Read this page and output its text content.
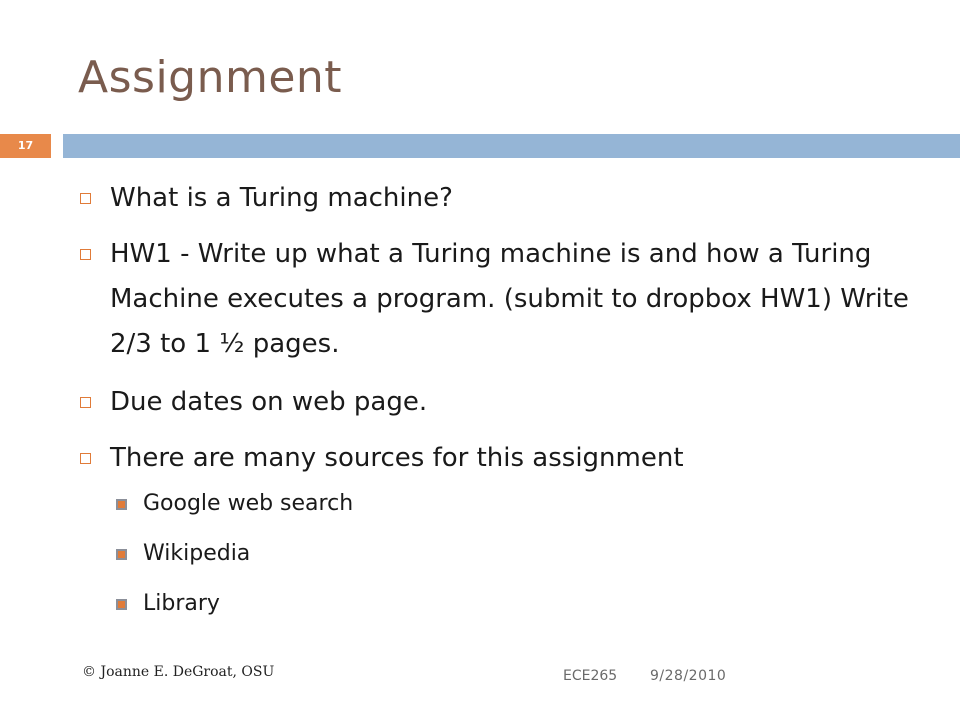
Assignment
17
What is a Turing machine?
HW1 - Write up what a Turing machine is and how a Turing Machine executes a program. (submit to dropbox HW1) Write 2/3 to 1 ½ pages.
Due dates on web page.
There are many sources for this assignment
Google web search
Wikipedia
Library
© Joanne E. DeGroat, OSU	ECE265 9/28/2010
